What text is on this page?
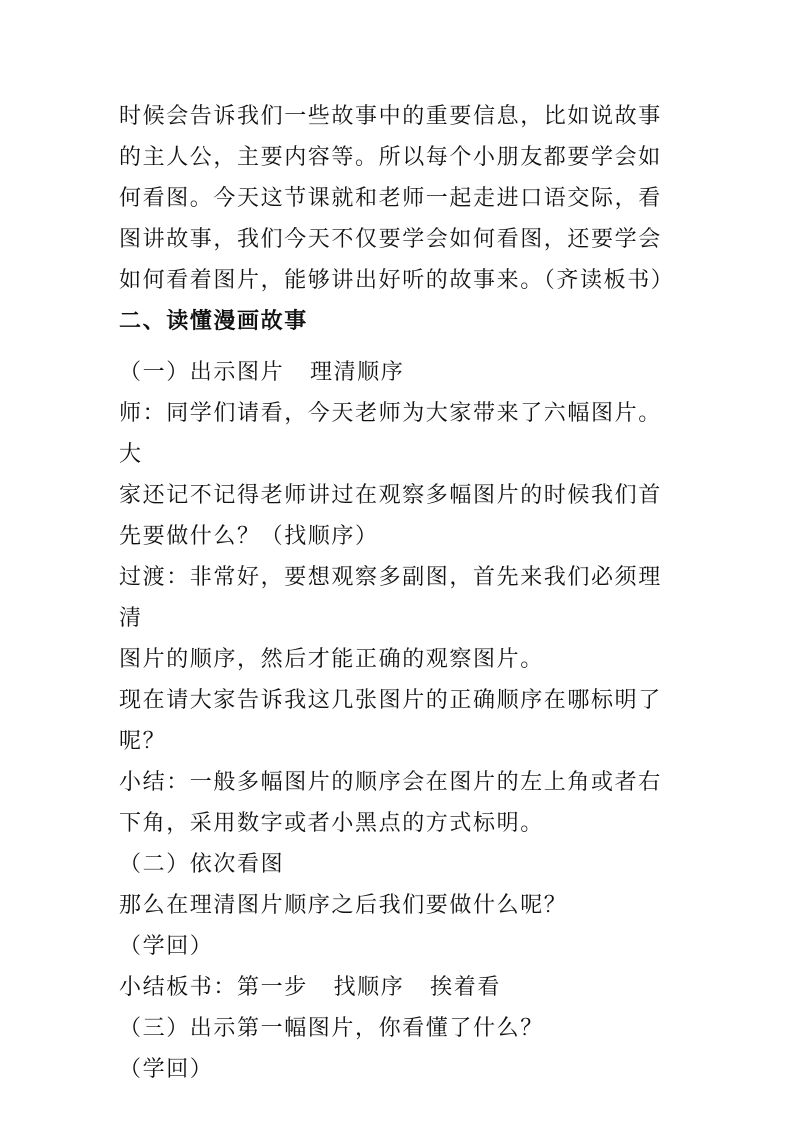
时候会告诉我们一些故事中的重要信息，比如说故事

的主人公，主要内容等。所以每个小朋友都要学会如

何看图。今天这节课就和老师一起走进口语交际，看

图讲故事，我们今天不仅要学会如何看图，还要学会

如何看着图片，能够讲出好听的故事来。（齐读板书）

二、读懂漫画故事

（一）出示图片   理清顺序

师：同学们请看，今天老师为大家带来了六幅图片。大

家还记不记得老师讲过在观察多幅图片的时候我们首

先要做什么？（找顺序）

过渡：非常好，要想观察多副图，首先来我们必须理清

图片的顺序，然后才能正确的观察图片。

现在请大家告诉我这几张图片的正确顺序在哪标明了

呢？

小结：一般多幅图片的顺序会在图片的左上角或者右

下角，采用数字或者小黑点的方式标明。

（二）依次看图

那么在理清图片顺序之后我们要做什么呢？

（学回）

小结板书：第一步   找顺序   挨着看

（三）出示第一幅图片，你看懂了什么？

（学回）
